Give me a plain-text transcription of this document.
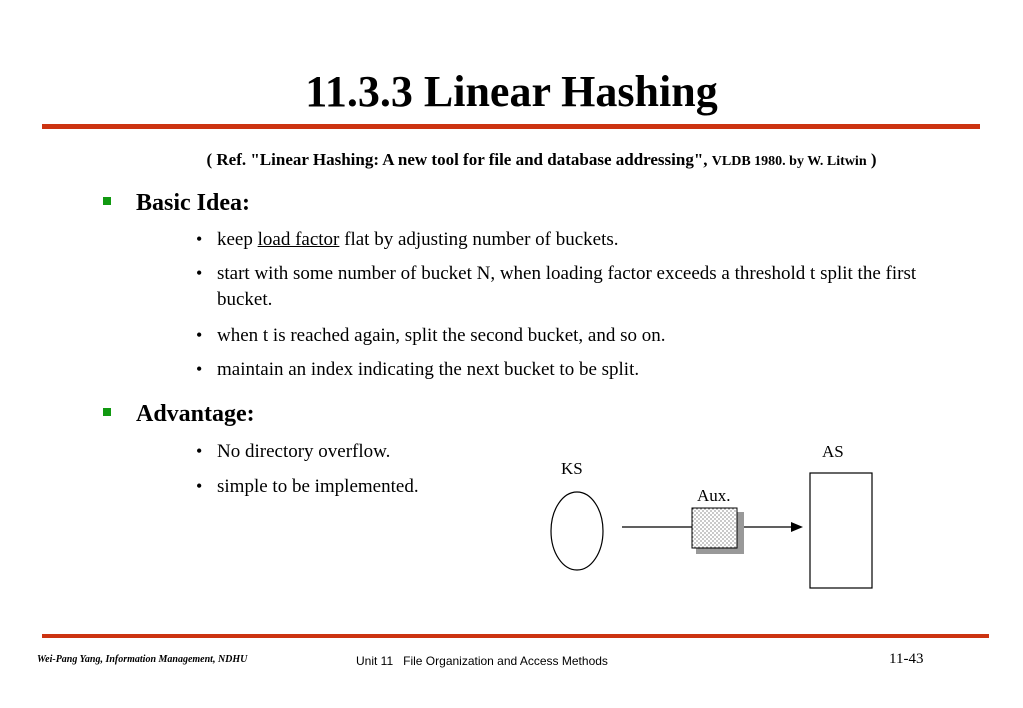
11.3.3 Linear Hashing
( Ref. "Linear Hashing: A new tool for file and database addressing", VLDB 1980. by W. Litwin )
Basic Idea:
• keep load factor flat by adjusting number of buckets.
• start with some number of bucket N, when loading factor exceeds a threshold t split the first bucket.
• when t is reached again, split the second bucket, and so on.
• maintain an index indicating the next bucket to be split.
Advantage:
• No directory overflow.
• simple to be implemented.
KS
Aux.
AS
Wei-Pang Yang, Information Management, NDHU	Unit 11 File Organization and Access Methods	11-43
